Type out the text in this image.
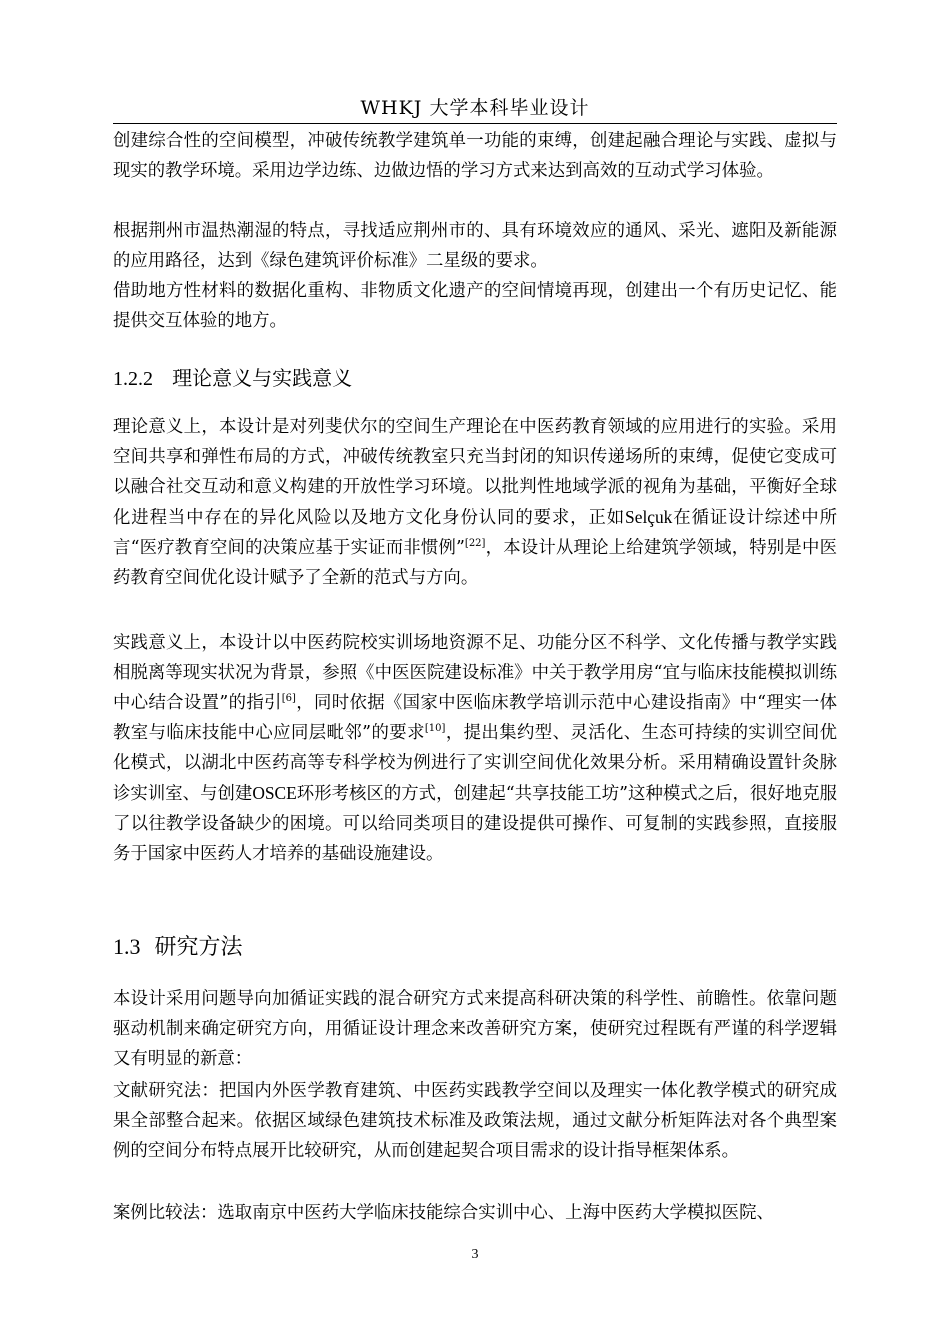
WHKJ 大学本科毕业设计

创建综合性的空间模型，冲破传统教学建筑单一功能的束缚，创建起融合理论与实践、虚拟与现实的教学环境。采用边学边练、边做边悟的学习方式来达到高效的互动式学习体验。

根据荆州市温热潮湿的特点，寻找适应荆州市的、具有环境效应的通风、采光、遮阳及新能源的应用路径，达到《绿色建筑评价标准》二星级的要求。

借助地方性材料的数据化重构、非物质文化遗产的空间情境再现，创建出一个有历史记忆、能提供交互体验的地方。

1.2.2 理论意义与实践意义

理论意义上，本设计是对列斐伏尔的空间生产理论在中医药教育领域的应用进行的实验。采用空间共享和弹性布局的方式，冲破传统教室只充当封闭的知识传递场所的束缚，促使它变成可以融合社交互动和意义构建的开放性学习环境。以批判性地域学派的视角为基础，平衡好全球化进程当中存在的异化风险以及地方文化身份认同的要求，正如Selçuk在循证设计综述中所言“医疗教育空间的决策应基于实证而非惯例”[22]，本设计从理论上给建筑学领域，特别是中医药教育空间优化设计赋予了全新的范式与方向。

实践意义上，本设计以中医药院校实训场地资源不足、功能分区不科学、文化传播与教学实践相脱离等现实状况为背景，参照《中医医院建设标准》中关于教学用房“宜与临床技能模拟训练中心结合设置”的指引[6]，同时依据《国家中医临床教学培训示范中心建设指南》中“理实一体教室与临床技能中心应同层毗邻”的要求[10]，提出集约型、灵活化、生态可持续的实训空间优化模式，以湖北中医药高等专科学校为例进行了实训空间优化效果分析。采用精确设置针灸脉诊实训室、与创建OSCE环形考核区的方式，创建起“共享技能工坊”这种模式之后，很好地克服了以往教学设备缺少的困境。可以给同类项目的建设提供可操作、可复制的实践参照，直接服务于国家中医药人才培养的基础设施建设。

1.3 研究方法

本设计采用问题导向加循证实践的混合研究方式来提高科研决策的科学性、前瞻性。依靠问题驱动机制来确定研究方向，用循证设计理念来改善研究方案，使研究过程既有严谨的科学逻辑又有明显的新意：

文献研究法：把国内外医学教育建筑、中医药实践教学空间以及理实一体化教学模式的研究成果全部整合起来。依据区域绿色建筑技术标准及政策法规，通过文献分析矩阵法对各个典型案例的空间分布特点展开比较研究，从而创建起契合项目需求的设计指导框架体系。

案例比较法：选取南京中医药大学临床技能综合实训中心、上海中医药大学模拟医院、

3
